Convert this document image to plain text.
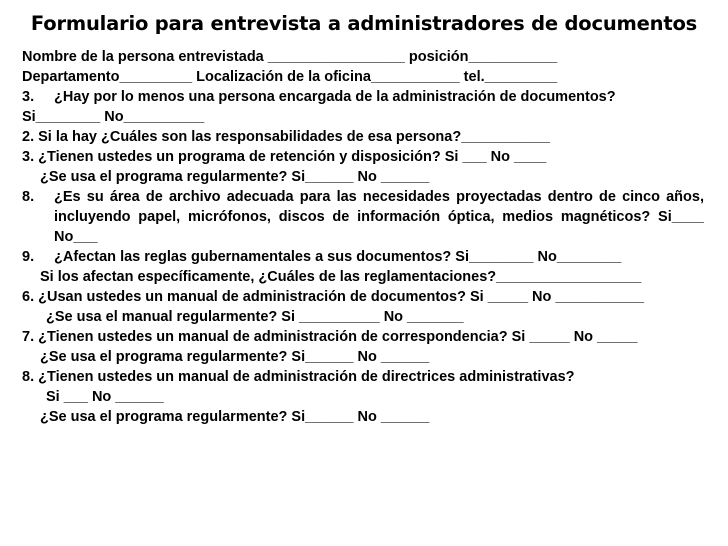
Formulario para entrevista a administradores de documentos
Nombre de la persona entrevistada _________________ posición___________
Departamento_________ Localización de la oficina___________ tel._________
3.	¿Hay por lo menos una persona encargada de la administración de documentos?
Si________ No__________
2. Si la hay ¿Cuáles son las responsabilidades de esa persona?___________
3. ¿Tienen ustedes un programa de retención y disposición? Si ___ No ____
¿Se usa el programa regularmente? Si______ No ______
8.	¿Es su área de archivo adecuada para las necesidades proyectadas dentro de cinco años, incluyendo papel, micrófonos, discos de información óptica, medios magnéticos? Si____ No___
9.	¿Afectan las reglas gubernamentales a sus documentos? Si________ No________
Si los afectan específicamente, ¿Cuáles de las reglamentaciones?__________________
6. ¿Usan ustedes un manual de administración de documentos? Si _____ No ___________
¿Se usa el manual regularmente? Si __________ No _______
7. ¿Tienen ustedes un manual de administración de correspondencia? Si _____ No _____
¿Se usa el programa regularmente? Si______ No ______
8. ¿Tienen ustedes un manual de administración de directrices administrativas?
Si ___ No ______
¿Se usa el programa regularmente? Si______ No ______
